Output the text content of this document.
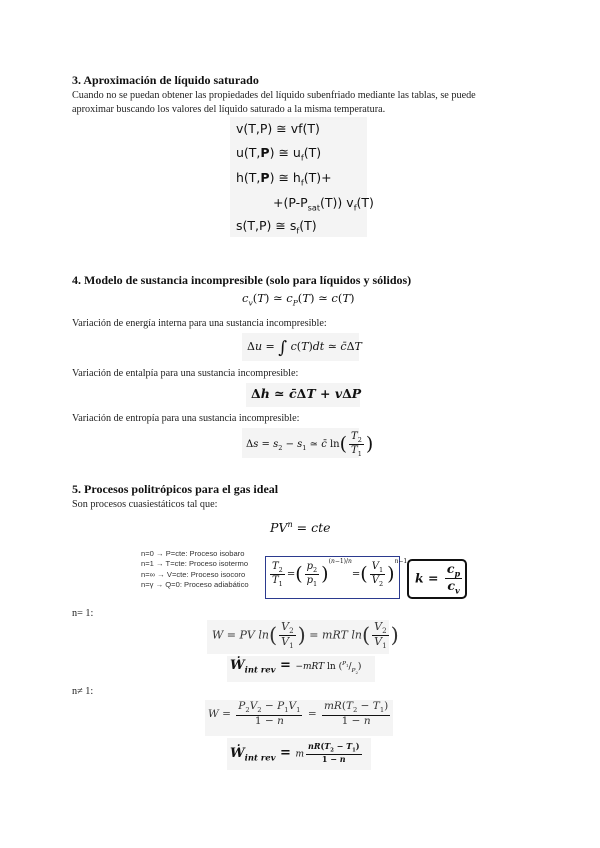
3. Aproximación de líquido saturado
Cuando no se puedan obtener las propiedades del líquido subenfriado mediante las tablas, se puede
aproximar buscando los valores del líquido saturado a la misma temperatura.
v(T,P) ≅ vf(T)
u(T,P) ≅ $u_f(T)$
h(T,P) ≅ $h_f(T)+$
$+(P-P_{sat}(T))$ $v_f(T)$
s(T,P) ≅ $s_f(T)$
4. Modelo de sustancia incompresible (solo para líquidos y sólidos)
$c_v(T)$ ≃ $c_P(T)$ ≃ c(T)
Variación de energía interna para una sustancia incompresible:
Δu = ∫ c(T)dt ≃ c̄ΔT
Variación de entalpía para una sustancia incompresible:
Δh ≃ c̄ΔT + vΔP
Variación de entropía para una sustancia incompresible:
$\Delta s = s_2 - s_1$ ≃ c̄ $\ln( \frac{T_2}{T_1}$ )
5. Procesos politrópicos para el gas ideal
Son procesos cuasiestáticos tal que:
$PV^n$ = cte
n=0 → P=cte: Proceso isobaro
n=1 → T=cte: Proceso isotermo
n=∞ → V=cte: Proceso isocoro
n=γ → Q=0: Proceso adiabático $\frac{T_2}{T_1}$ =( $\frac{p_2}{p_1} )^{(n-1)/n}=( \frac{V_1}{V_2} )^{n-1}$
$k = \frac{c_p}{c_v}$
n= 1:
W = PV $\ln( \frac{V_2}{V_1}$ ) = mRT $\ln( \frac{V_2}{V_1}$ )
Ẇ$_{int rev}$ = −mRT $\ln (^{P_1}/_{P_2})$
n≠ 1:
$W = \frac{P_2V_2 - P_1V_1}{1 - n} = \frac{mR(T_2 - T_1)}{1 - n}$
Ẇ$_{int rev}$ = m $\frac{nR(T_2 - T_1)}{1 - n}$
